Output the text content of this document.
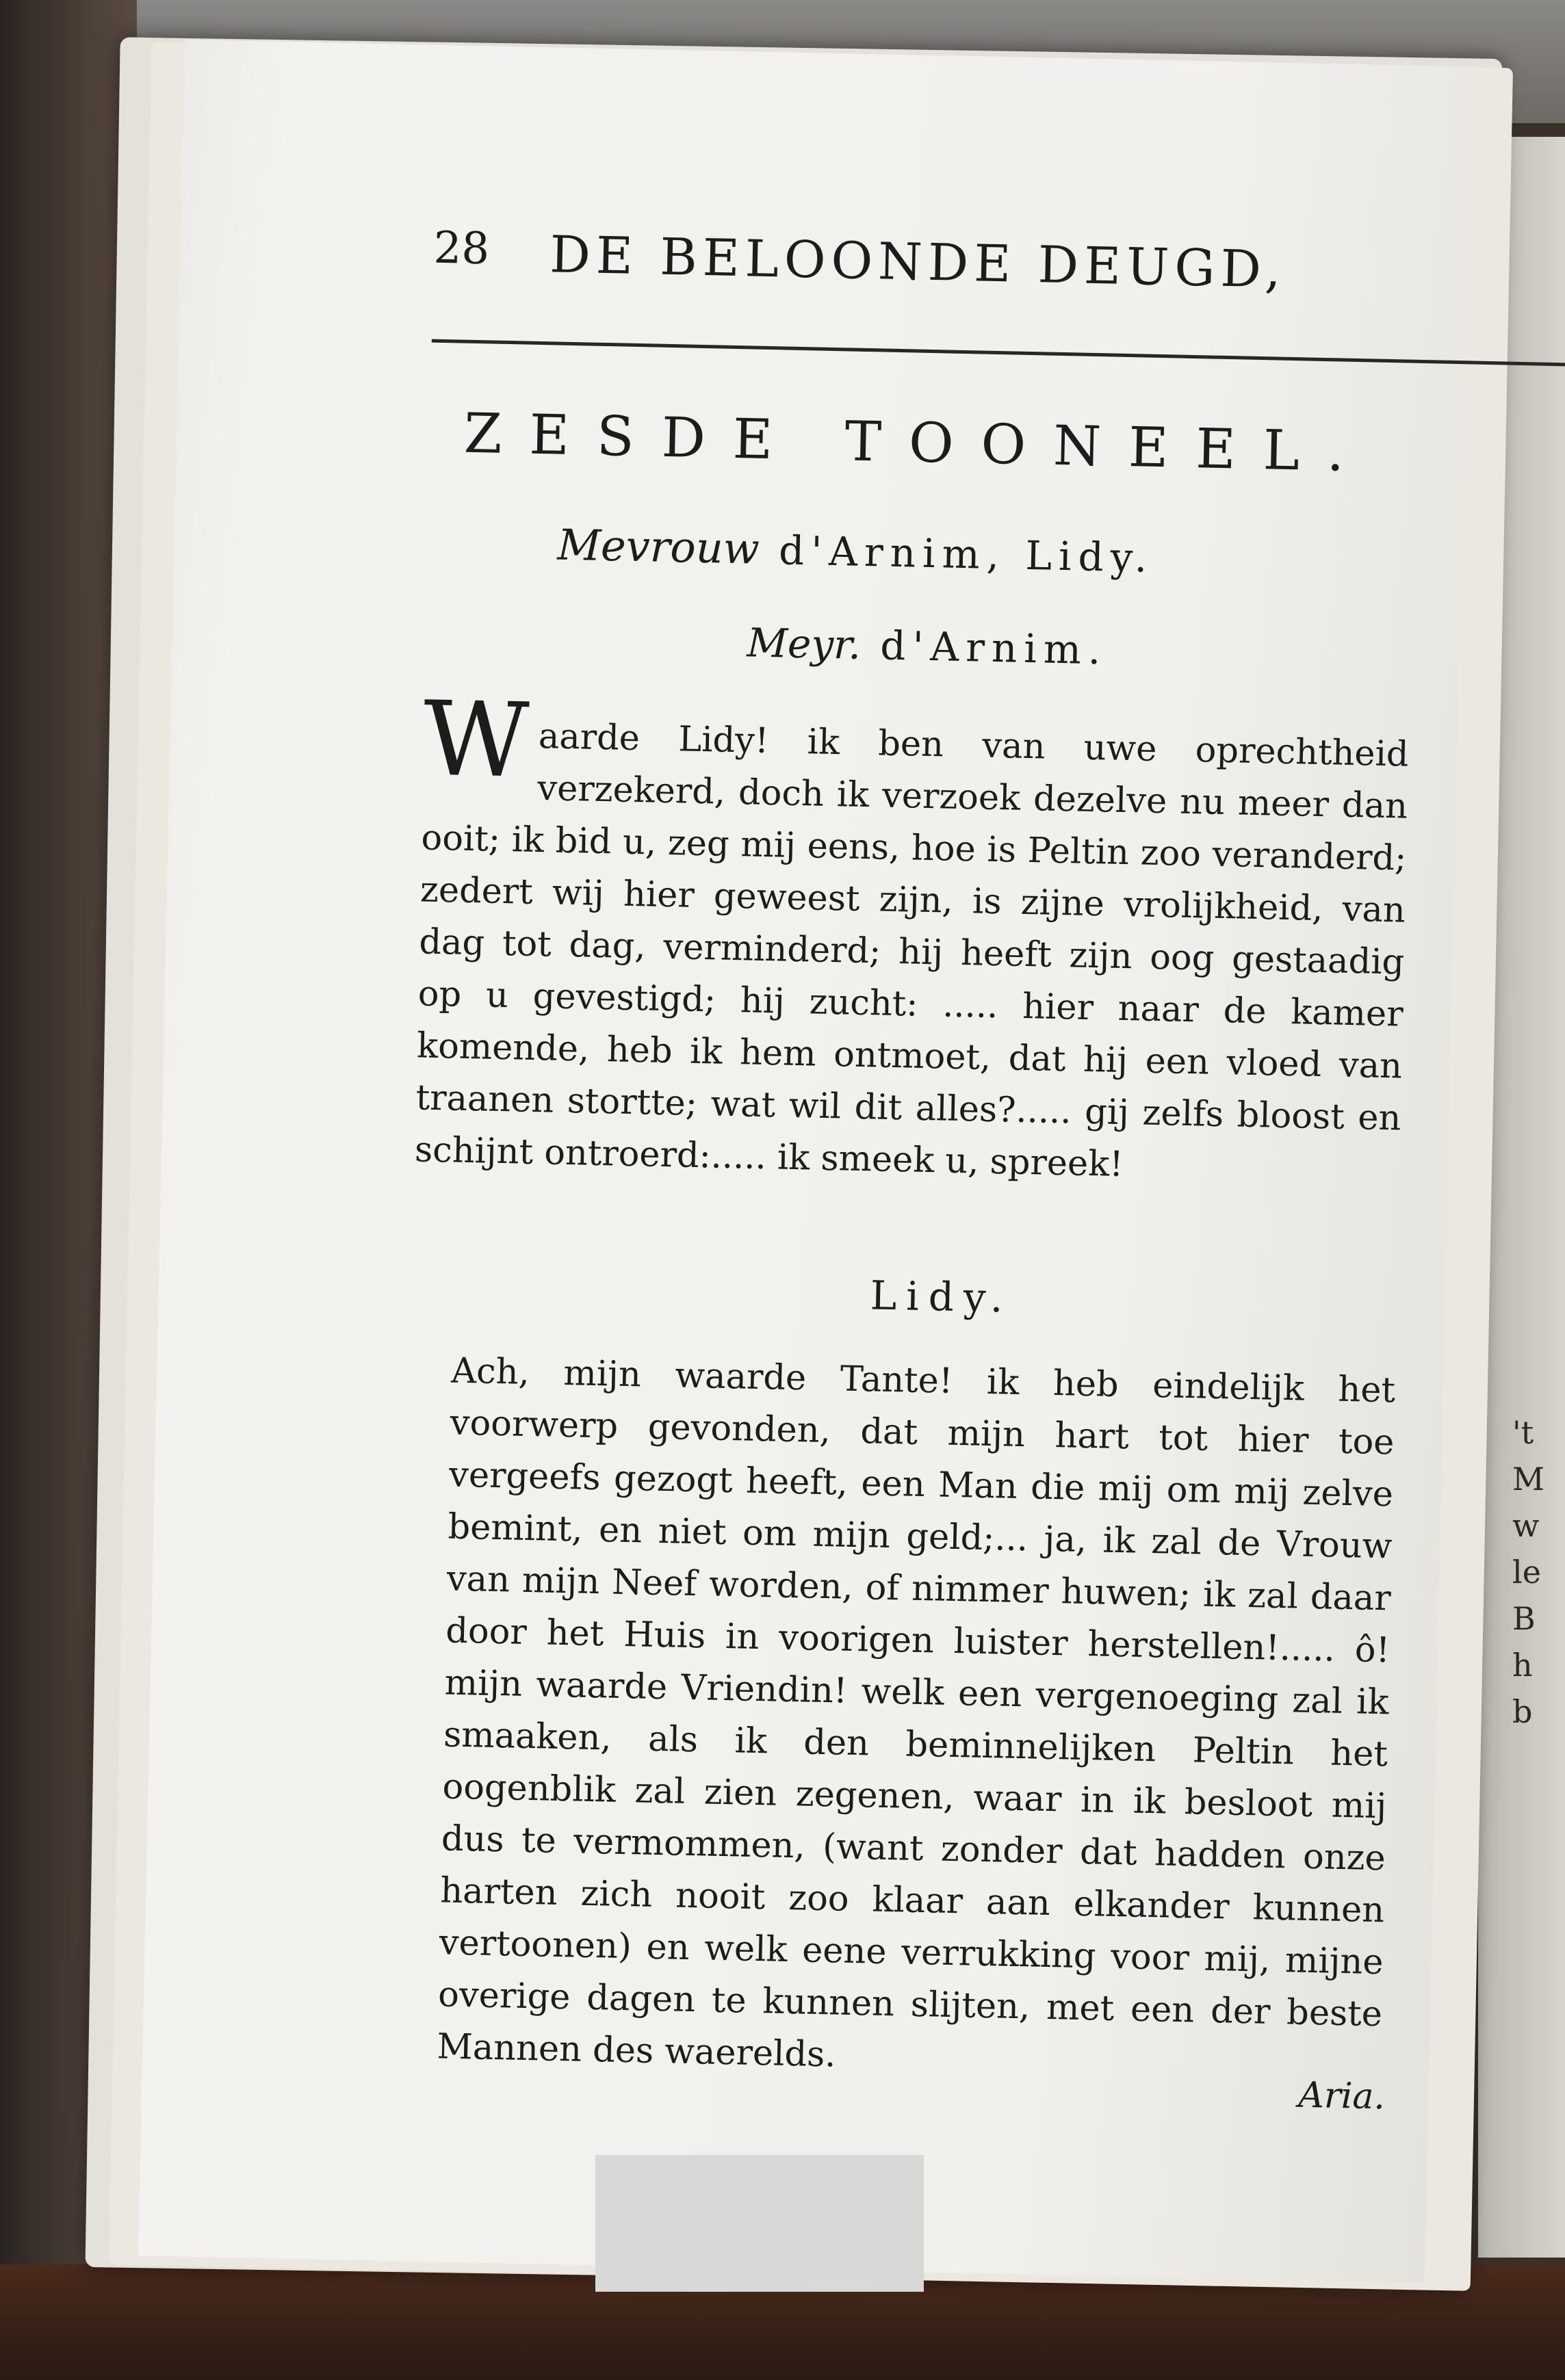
't
M
w
le
B
h
b
28 DE BELOONDE DEUGD,
ZESDE TOONEEL.
Mevrouw d'Arnim, Lidy.
Meyr. d'Arnim.
W aarde Lidy! ik ben van uwe oprechtheid verzekerd, doch ik verzoek dezelve nu meer dan ooit; ik bid u, zeg mij eens, hoe is Peltin zoo veranderd; zedert wij hier geweest zijn, is zijne vrolijkheid, van dag tot dag, verminderd; hij heeft zijn oog gestaadig op u gevestigd; hij zucht: ..... hier naar de kamer komende, heb ik hem ontmoet, dat hij een vloed van traanen stortte; wat wil dit alles?..... gij zelfs bloost en schijnt ontroerd:..... ik smeek u, spreek!
Lidy.
Ach, mijn waarde Tante! ik heb eindelijk het voorwerp gevonden, dat mijn hart tot hier toe vergeefs gezogt heeft, een Man die mij om mij zelve bemint, en niet om mijn geld;... ja, ik zal de Vrouw van mijn Neef worden, of nimmer huwen; ik zal daar door het Huis in voorigen luister herstellen!..... ô! mijn waarde Vriendin! welk een vergenoeging zal ik smaaken, als ik den beminnelijken Peltin het oogenblik zal zien zegenen, waar in ik besloot mij dus te vermommen, (want zonder dat hadden onze harten zich nooit zoo klaar aan elkander kunnen vertoonen) en welk eene verrukking voor mij, mijne overige dagen te kunnen slijten, met een der beste Mannen des waerelds.
Aria.
